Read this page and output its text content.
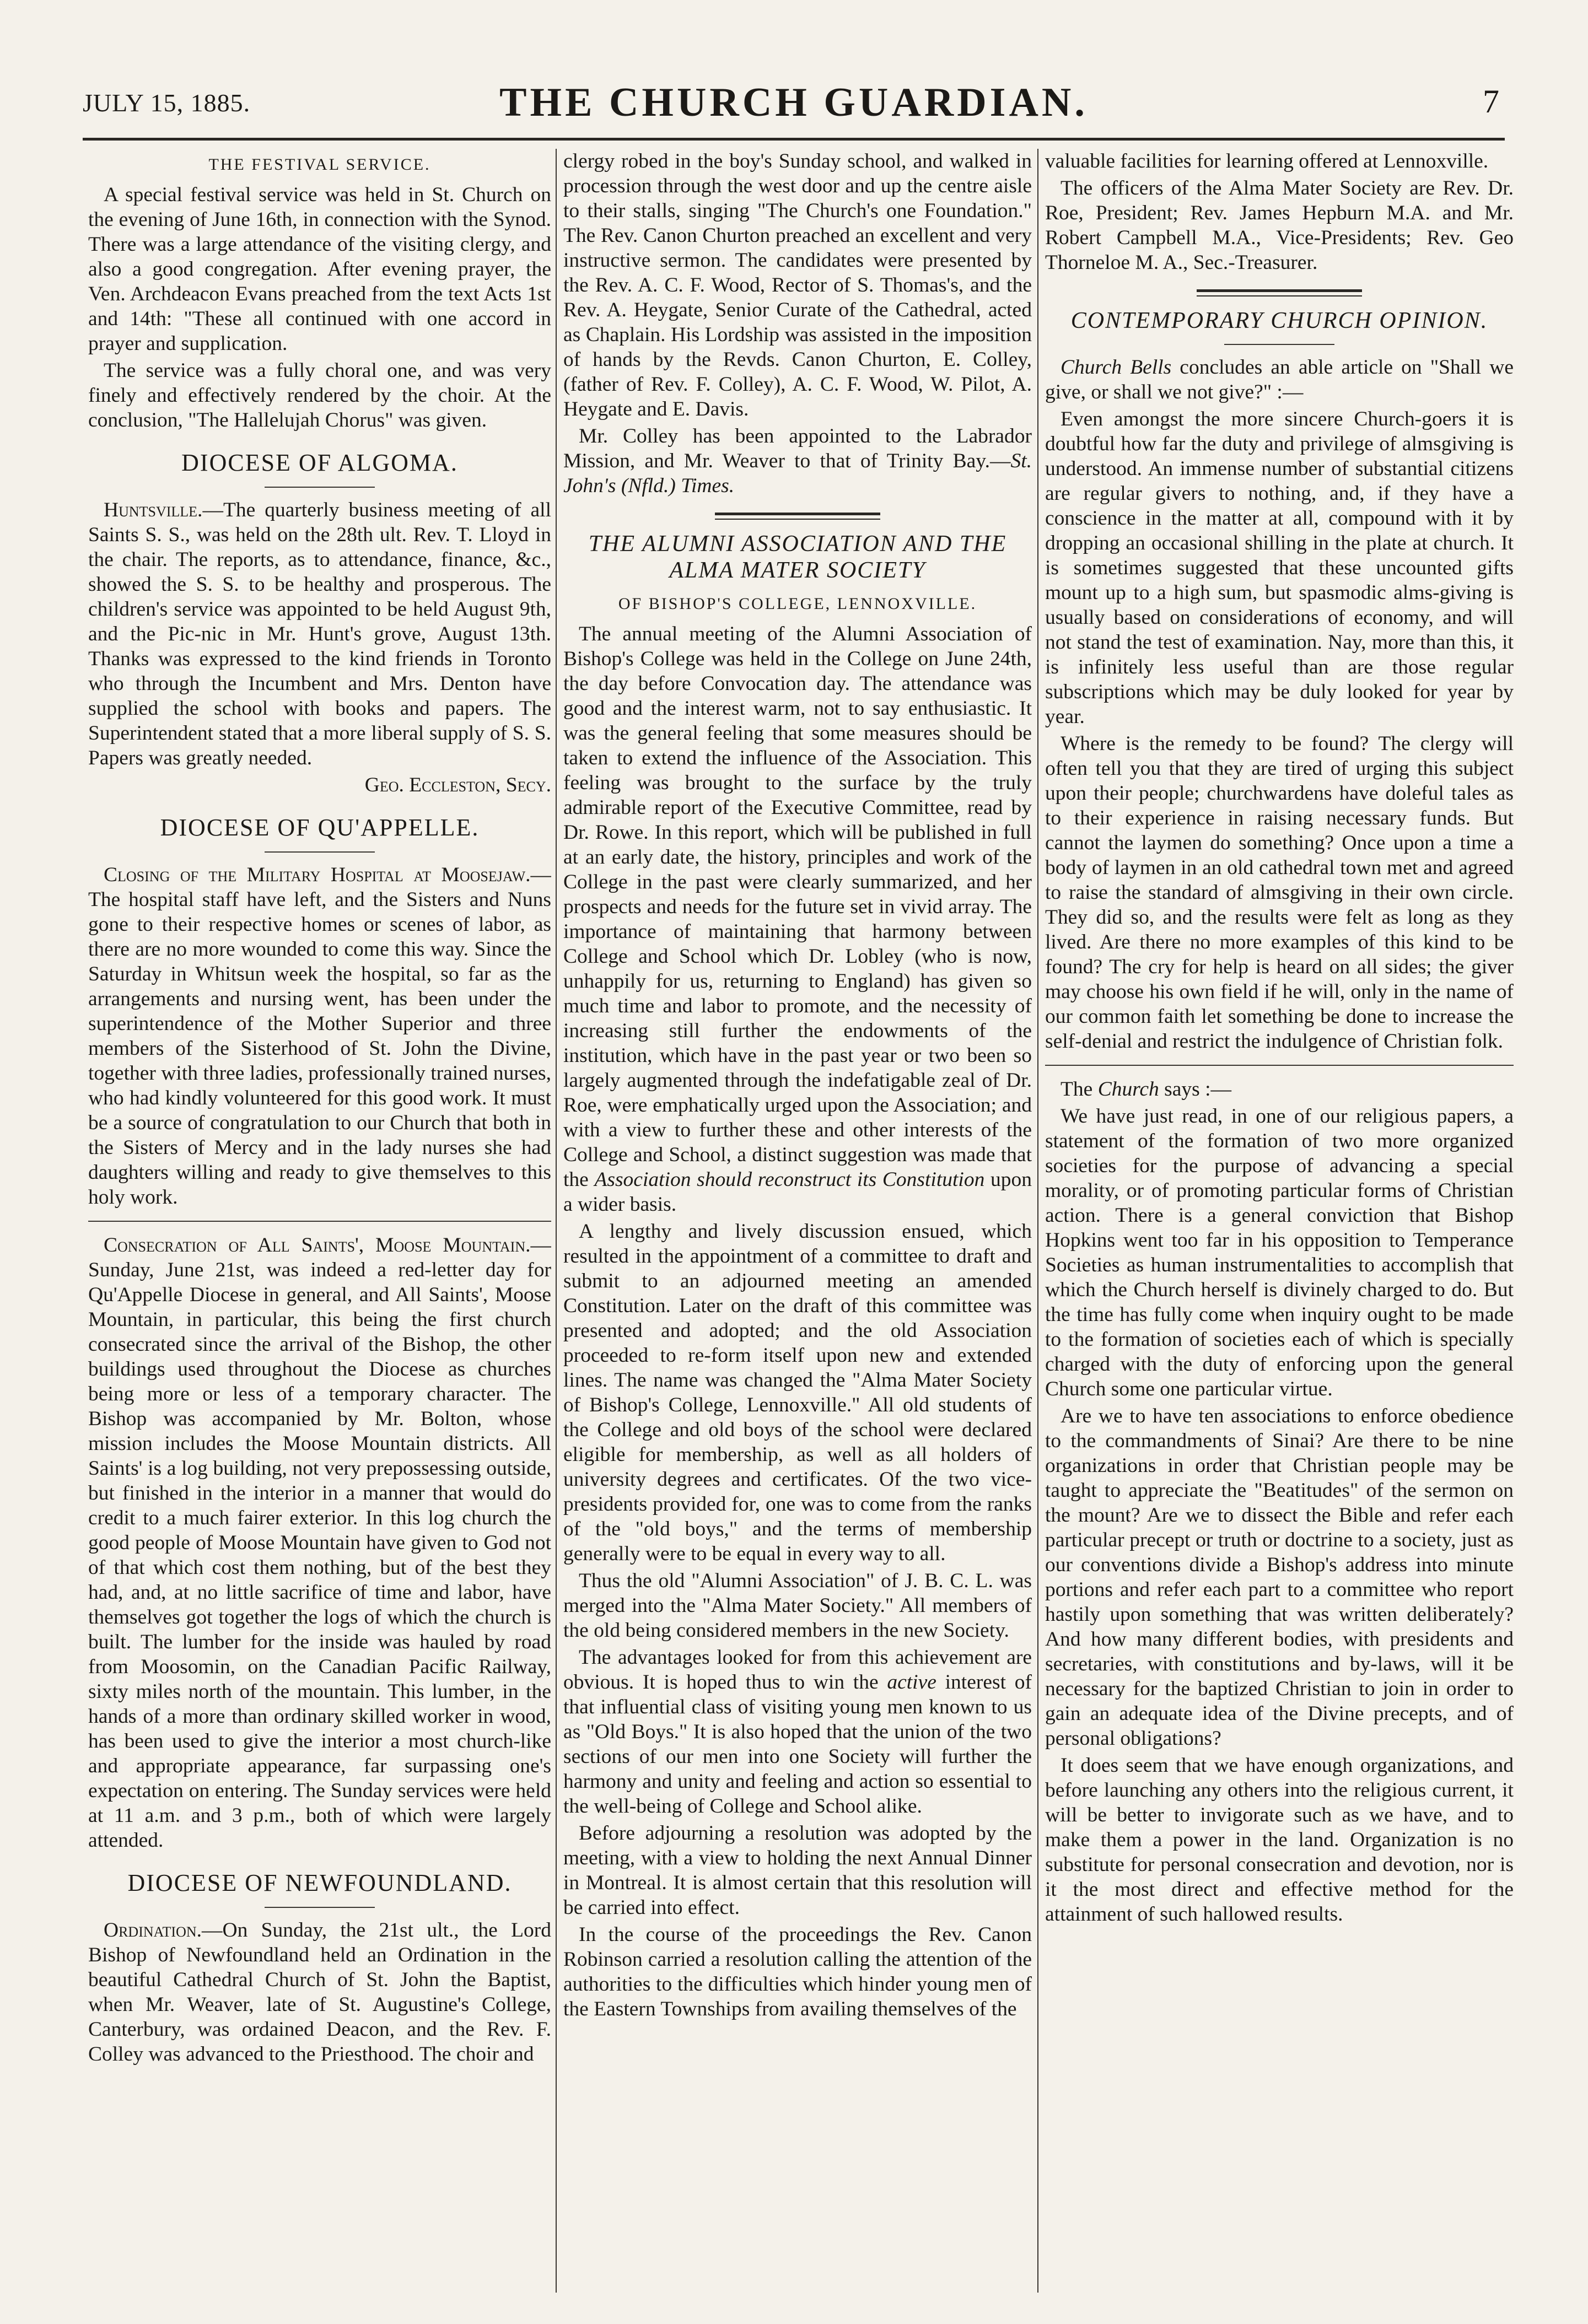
JULY 15, 1885.	THE CHURCH GUARDIAN.	7
THE FESTIVAL SERVICE.

A special festival service was held in St. Church on the evening of June 16th, in connection with the Synod. There was a large attendance of the visiting clergy, and also a good congregation. After evening prayer, the Ven. Archdeacon Evans preached from the text Acts 1st and 14th: "These all continued with one accord in prayer and supplication.

The service was a fully choral one, and was very finely and effectively rendered by the choir. At the conclusion, "The Hallelujah Chorus" was given.

DIOCESE OF ALGOMA.

Huntsville.—The quarterly business meeting of all Saints S. S., was held on the 28th ult. Rev. T. Lloyd in the chair. The reports, as to attendance, finance, &c., showed the S. S. to be healthy and prosperous. The children's service was appointed to be held August 9th, and the Pic-nic in Mr. Hunt's grove, August 13th. Thanks was expressed to the kind friends in Toronto who through the Incumbent and Mrs. Denton have supplied the school with books and papers. The Superintendent stated that a more liberal supply of S. S. Papers was greatly needed.

Geo. Eccleston, Secy.

DIOCESE OF QU'APPELLE.

Closing of the Military Hospital at Moosejaw.—The hospital staff have left, and the Sisters and Nuns gone to their respective homes or scenes of labor, as there are no more wounded to come this way. Since the Saturday in Whitsun week the hospital, so far as the arrangements and nursing went, has been under the superintendence of the Mother Superior and three members of the Sisterhood of St. John the Divine, together with three ladies, professionally trained nurses, who had kindly volunteered for this good work. It must be a source of congratulation to our Church that both in the Sisters of Mercy and in the lady nurses she had daughters willing and ready to give themselves to this holy work.

Consecration of All Saints', Moose Mountain.—Sunday, June 21st, was indeed a red-letter day for Qu'Appelle Diocese in general, and All Saints', Moose Mountain, in particular, this being the first church consecrated since the arrival of the Bishop, the other buildings used throughout the Diocese as churches being more or less of a temporary character. The Bishop was accompanied by Mr. Bolton, whose mission includes the Moose Mountain districts. All Saints' is a log building, not very prepossessing outside, but finished in the interior in a manner that would do credit to a much fairer exterior. In this log church the good people of Moose Mountain have given to God not of that which cost them nothing, but of the best they had, and, at no little sacrifice of time and labor, have themselves got together the logs of which the church is built. The lumber for the inside was hauled by road from Moosomin, on the Canadian Pacific Railway, sixty miles north of the mountain. This lumber, in the hands of a more than ordinary skilled worker in wood, has been used to give the interior a most church-like and appropriate appearance, far surpassing one's expectation on entering. The Sunday services were held at 11 a.m. and 3 p.m., both of which were largely attended.

DIOCESE OF NEWFOUNDLAND.

Ordination.—On Sunday, the 21st ult., the Lord Bishop of Newfoundland held an Ordination in the beautiful Cathedral Church of St. John the Baptist, when Mr. Weaver, late of St. Augustine's College, Canterbury, was ordained Deacon, and the Rev. F. Colley was advanced to the Priesthood. The choir and

clergy robed in the boy's Sunday school, and walked in procession through the west door and up the centre aisle to their stalls, singing "The Church's one Foundation." The Rev. Canon Churton preached an excellent and very instructive sermon. The candidates were presented by the Rev. A. C. F. Wood, Rector of S. Thomas's, and the Rev. A. Heygate, Senior Curate of the Cathedral, acted as Chaplain. His Lordship was assisted in the imposition of hands by the Revds. Canon Churton, E. Colley, (father of Rev. F. Colley), A. C. F. Wood, W. Pilot, A. Heygate and E. Davis.

Mr. Colley has been appointed to the Labrador Mission, and Mr. Weaver to that of Trinity Bay.—St. John's (Nfld.) Times.

THE ALUMNI ASSOCIATION AND THE ALMA MATER SOCIETY
OF BISHOP'S COLLEGE, LENNOXVILLE.

The annual meeting of the Alumni Association of Bishop's College was held in the College on June 24th, the day before Convocation day. The attendance was good and the interest warm, not to say enthusiastic. It was the general feeling that some measures should be taken to extend the influence of the Association. This feeling was brought to the surface by the truly admirable report of the Executive Committee, read by Dr. Rowe. In this report, which will be published in full at an early date, the history, principles and work of the College in the past were clearly summarized, and her prospects and needs for the future set in vivid array. The importance of maintaining that harmony between College and School which Dr. Lobley (who is now, unhappily for us, returning to England) has given so much time and labor to promote, and the necessity of increasing still further the endowments of the institution, which have in the past year or two been so largely augmented through the indefatigable zeal of Dr. Roe, were emphatically urged upon the Association; and with a view to further these and other interests of the College and School, a distinct suggestion was made that the Association should reconstruct its Constitution upon a wider basis.

A lengthy and lively discussion ensued, which resulted in the appointment of a committee to draft and submit to an adjourned meeting an amended Constitution. Later on the draft of this committee was presented and adopted; and the old Association proceeded to re-form itself upon new and extended lines. The name was changed the "Alma Mater Society of Bishop's College, Lennoxville." All old students of the College and old boys of the school were declared eligible for membership, as well as all holders of university degrees and certificates. Of the two vice-presidents provided for, one was to come from the ranks of the "old boys," and the terms of membership generally were to be equal in every way to all.

Thus the old "Alumni Association" of J. B. C. L. was merged into the "Alma Mater Society." All members of the old being considered members in the new Society.

The advantages looked for from this achievement are obvious. It is hoped thus to win the active interest of that influential class of visiting young men known to us as "Old Boys." It is also hoped that the union of the two sections of our men into one Society will further the harmony and unity and feeling and action so essential to the well-being of College and School alike.

Before adjourning a resolution was adopted by the meeting, with a view to holding the next Annual Dinner in Montreal. It is almost certain that this resolution will be carried into effect.

In the course of the proceedings the Rev. Canon Robinson carried a resolution calling the attention of the authorities to the difficulties which hinder young men of the Eastern Townships from availing themselves of the

valuable facilities for learning offered at Lennoxville.

The officers of the Alma Mater Society are Rev. Dr. Roe, President; Rev. James Hepburn M.A. and Mr. Robert Campbell M.A., Vice-Presidents; Rev. Geo Thorneloe M. A., Sec.-Treasurer.

CONTEMPORARY CHURCH OPINION.

Church Bells concludes an able article on "Shall we give, or shall we not give?" :—

Even amongst the more sincere Church-goers it is doubtful how far the duty and privilege of almsgiving is understood. An immense number of substantial citizens are regular givers to nothing, and, if they have a conscience in the matter at all, compound with it by dropping an occasional shilling in the plate at church. It is sometimes suggested that these uncounted gifts mount up to a high sum, but spasmodic alms-giving is usually based on considerations of economy, and will not stand the test of examination. Nay, more than this, it is infinitely less useful than are those regular subscriptions which may be duly looked for year by year.

Where is the remedy to be found? The clergy will often tell you that they are tired of urging this subject upon their people; churchwardens have doleful tales as to their experience in raising necessary funds. But cannot the laymen do something? Once upon a time a body of laymen in an old cathedral town met and agreed to raise the standard of almsgiving in their own circle. They did so, and the results were felt as long as they lived. Are there no more examples of this kind to be found? The cry for help is heard on all sides; the giver may choose his own field if he will, only in the name of our common faith let something be done to increase the self-denial and restrict the indulgence of Christian folk.

The Church says :—

We have just read, in one of our religious papers, a statement of the formation of two more organized societies for the purpose of advancing a special morality, or of promoting particular forms of Christian action. There is a general conviction that Bishop Hopkins went too far in his opposition to Temperance Societies as human instrumentalities to accomplish that which the Church herself is divinely charged to do. But the time has fully come when inquiry ought to be made to the formation of societies each of which is specially charged with the duty of enforcing upon the general Church some one particular virtue.

Are we to have ten associations to enforce obedience to the commandments of Sinai? Are there to be nine organizations in order that Christian people may be taught to appreciate the "Beatitudes" of the sermon on the mount? Are we to dissect the Bible and refer each particular precept or truth or doctrine to a society, just as our conventions divide a Bishop's address into minute portions and refer each part to a committee who report hastily upon something that was written deliberately? And how many different bodies, with presidents and secretaries, with constitutions and by-laws, will it be necessary for the baptized Christian to join in order to gain an adequate idea of the Divine precepts, and of personal obligations?

It does seem that we have enough organizations, and before launching any others into the religious current, it will be better to invigorate such as we have, and to make them a power in the land. Organization is no substitute for personal consecration and devotion, nor is it the most direct and effective method for the attainment of such hallowed results.
